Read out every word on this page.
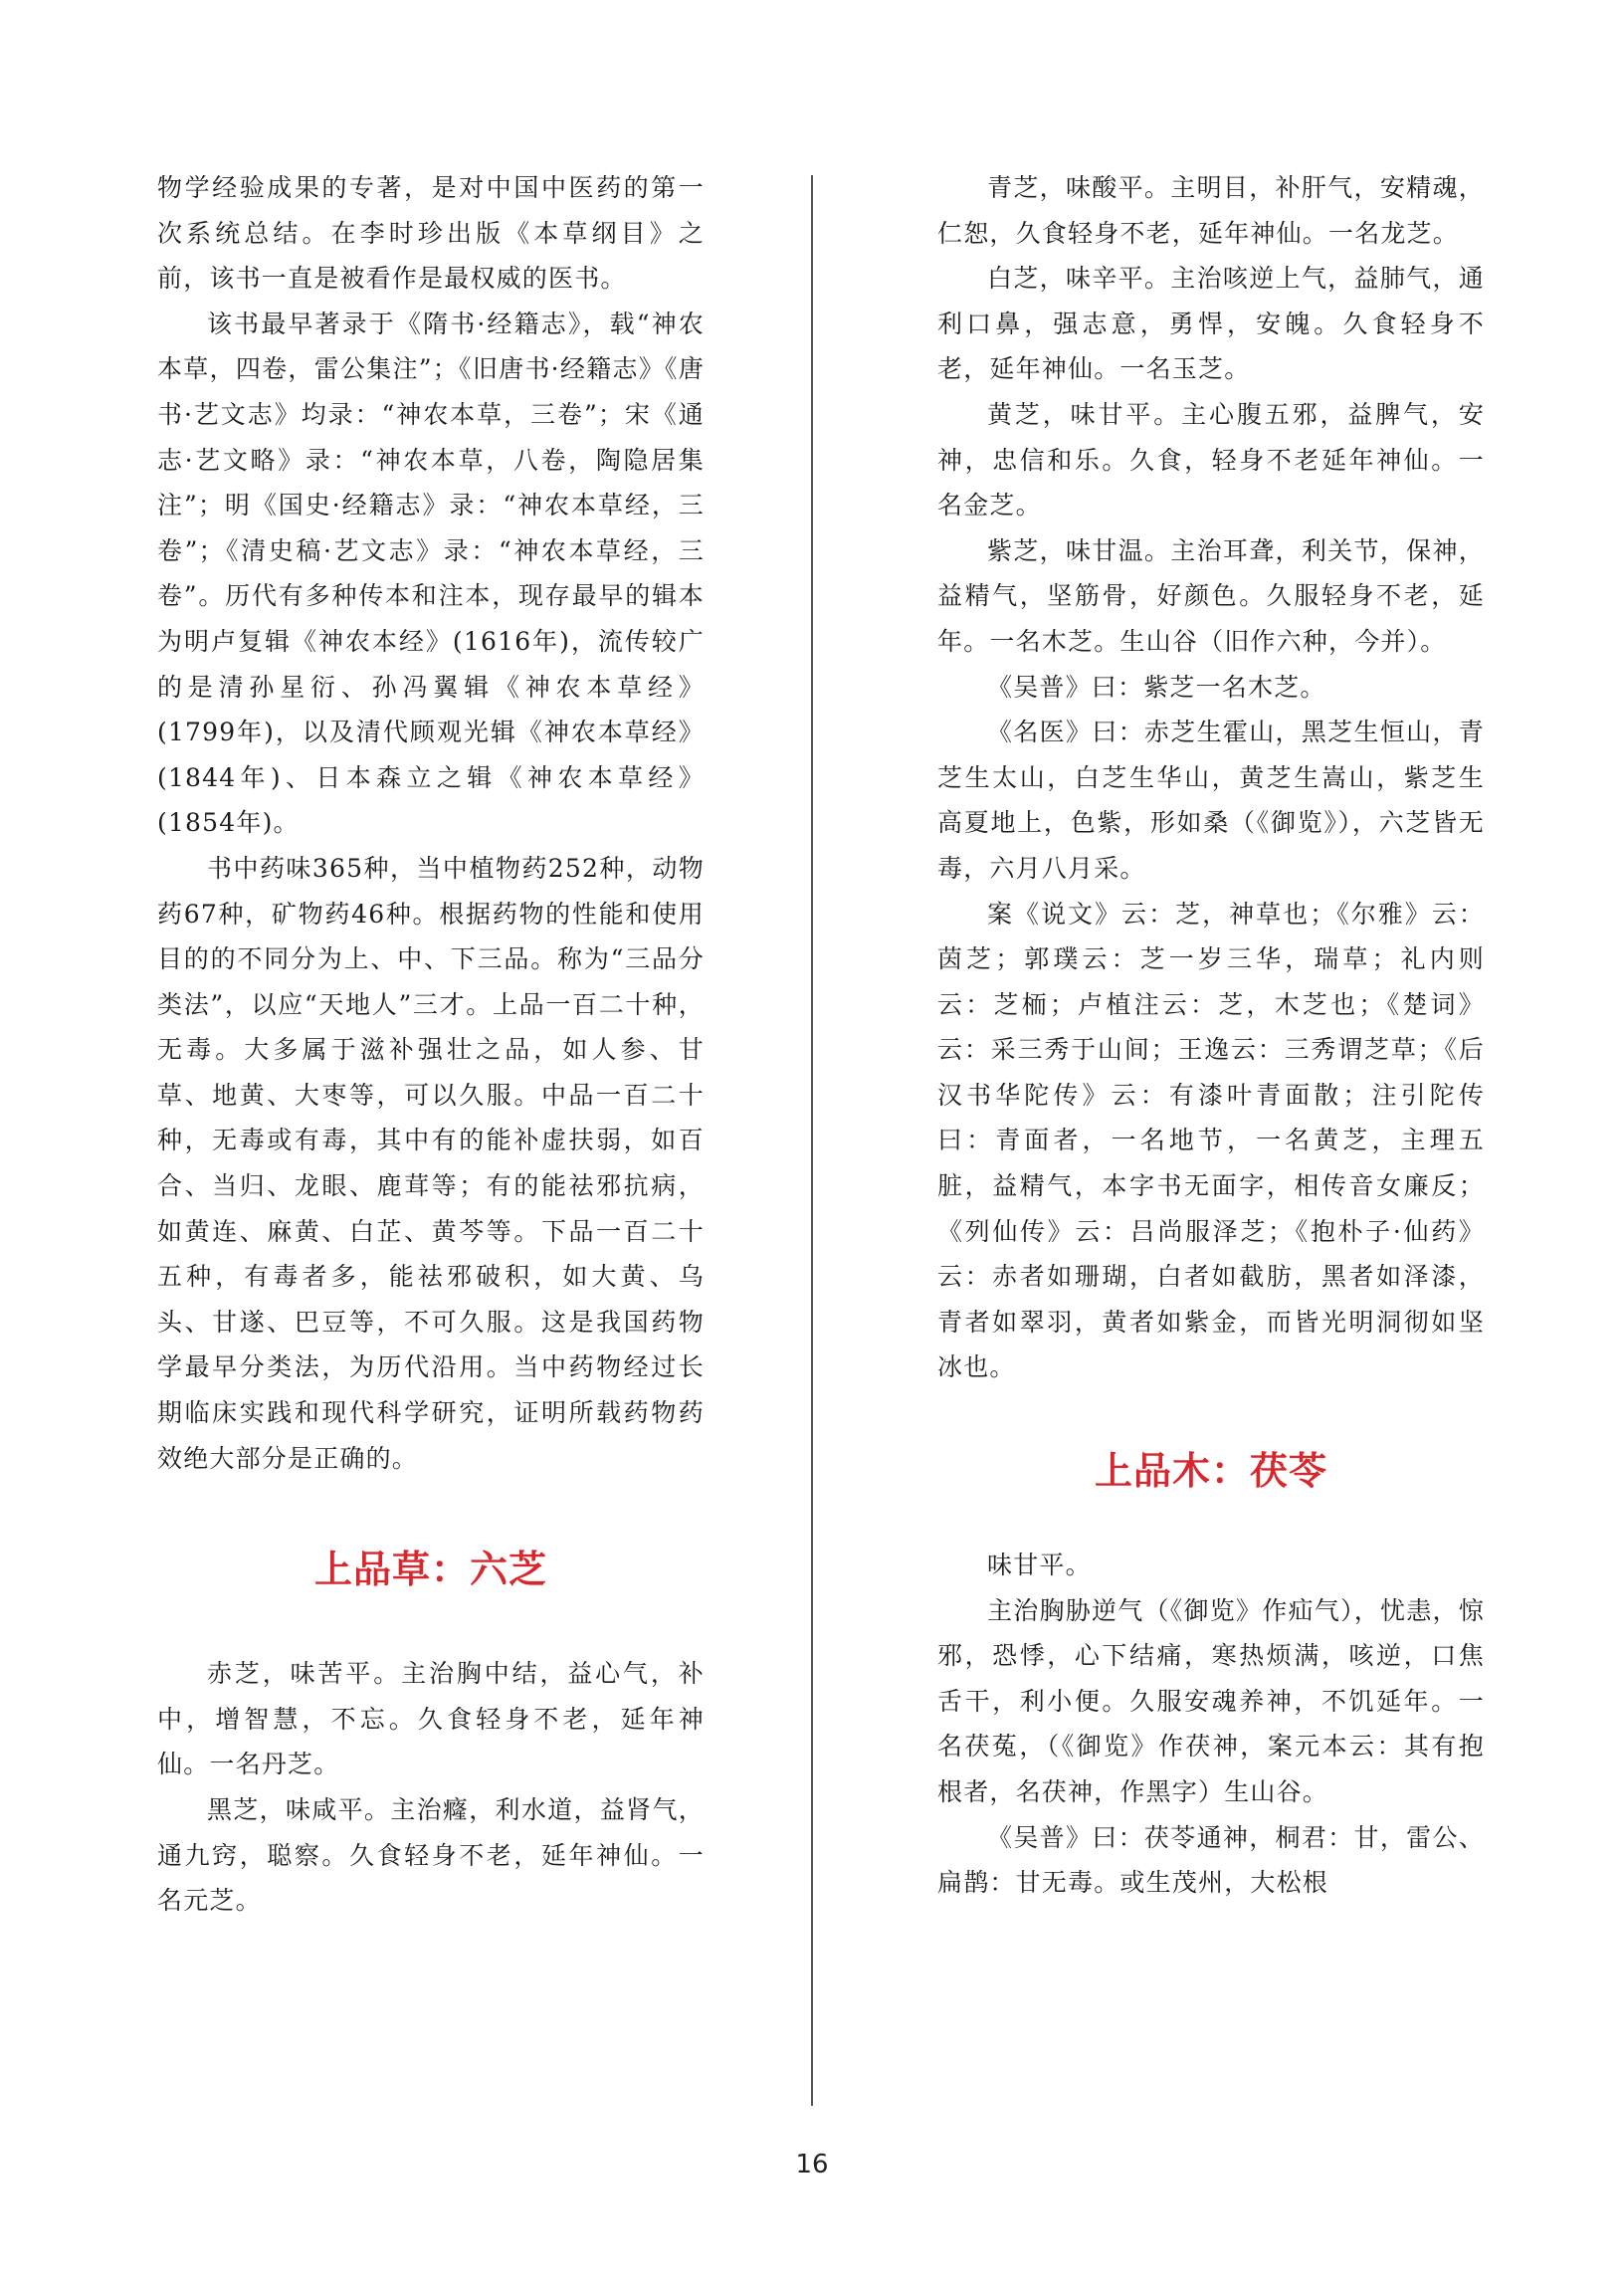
物学经验成果的专著，是对中国中医药的第一次系统总结。在李时珍出版《本草纲目》之前，该书一直是被看作是最权威的医书。

该书最早著录于《隋书·经籍志》，载“神农本草，四卷，雷公集注”；《旧唐书·经籍志》《唐书·艺文志》均录：“神农本草，三卷”；宋《通志·艺文略》录：“神农本草，八卷，陶隐居集注”；明《国史·经籍志》录：“神农本草经，三卷”；《清史稿·艺文志》录：“神农本草经，三卷”。历代有多种传本和注本，现存最早的辑本为明卢复辑《神农本经》(1616年)，流传较广的是清孙星衍、孙冯翼辑《神农本草经》(1799年)，以及清代顾观光辑《神农本草经》(1844年)、日本森立之辑《神农本草经》(1854年)。

书中药味365种，当中植物药252种，动物药67种，矿物药46种。根据药物的性能和使用目的的不同分为上、中、下三品。称为“三品分类法”，以应“天地人”三才。上品一百二十种，无毒。大多属于滋补强壮之品，如人参、甘草、地黄、大枣等，可以久服。中品一百二十种，无毒或有毒，其中有的能补虚扶弱，如百合、当归、龙眼、鹿茸等；有的能祛邪抗病，如黄连、麻黄、白芷、黄芩等。下品一百二十五种，有毒者多，能祛邪破积，如大黄、乌头、甘遂、巴豆等，不可久服。这是我国药物学最早分类法，为历代沿用。当中药物经过长期临床实践和现代科学研究，证明所载药物药效绝大部分是正确的。

上品草：六芝

赤芝，味苦平。主治胸中结，益心气，补中，增智慧，不忘。久食轻身不老，延年神仙。一名丹芝。

黑芝，味咸平。主治癃，利水道，益肾气，通九窍，聪察。久食轻身不老，延年神仙。一名元芝。

青芝，味酸平。主明目，补肝气，安精魂，仁恕，久食轻身不老，延年神仙。一名龙芝。

白芝，味辛平。主治咳逆上气，益肺气，通利口鼻，强志意，勇悍，安魄。久食轻身不老，延年神仙。一名玉芝。

黄芝，味甘平。主心腹五邪，益脾气，安神，忠信和乐。久食，轻身不老延年神仙。一名金芝。

紫芝，味甘温。主治耳聋，利关节，保神，益精气，坚筋骨，好颜色。久服轻身不老，延年。一名木芝。生山谷（旧作六种，今并）。

《吴普》曰：紫芝一名木芝。

《名医》曰：赤芝生霍山，黑芝生恒山，青芝生太山，白芝生华山，黄芝生嵩山，紫芝生高夏地上，色紫，形如桑（《御览》），六芝皆无毒，六月八月采。

案《说文》云：芝，神草也；《尔雅》云：茵芝；郭璞云：芝一岁三华，瑞草；礼内则云：芝栭；卢植注云：芝，木芝也；《楚词》云：采三秀于山间；王逸云：三秀谓芝草；《后汉书华陀传》云：有漆叶青面散；注引陀传曰：青面者，一名地节，一名黄芝，主理五脏，益精气，本字书无面字，相传音女廉反；《列仙传》云：吕尚服泽芝；《抱朴子·仙药》云：赤者如珊瑚，白者如截肪，黑者如泽漆，青者如翠羽，黄者如紫金，而皆光明洞彻如坚冰也。

上品木：茯苓

味甘平。

主治胸胁逆气（《御览》作疝气），忧恚，惊邪，恐悸，心下结痛，寒热烦满，咳逆，口焦舌干，利小便。久服安魂养神，不饥延年。一名茯菟，（《御览》作茯神，案元本云：其有抱根者，名茯神，作黑字）生山谷。

《吴普》曰：茯苓通神，桐君：甘，雷公、扁鹊：甘无毒。或生茂州，大松根

16
